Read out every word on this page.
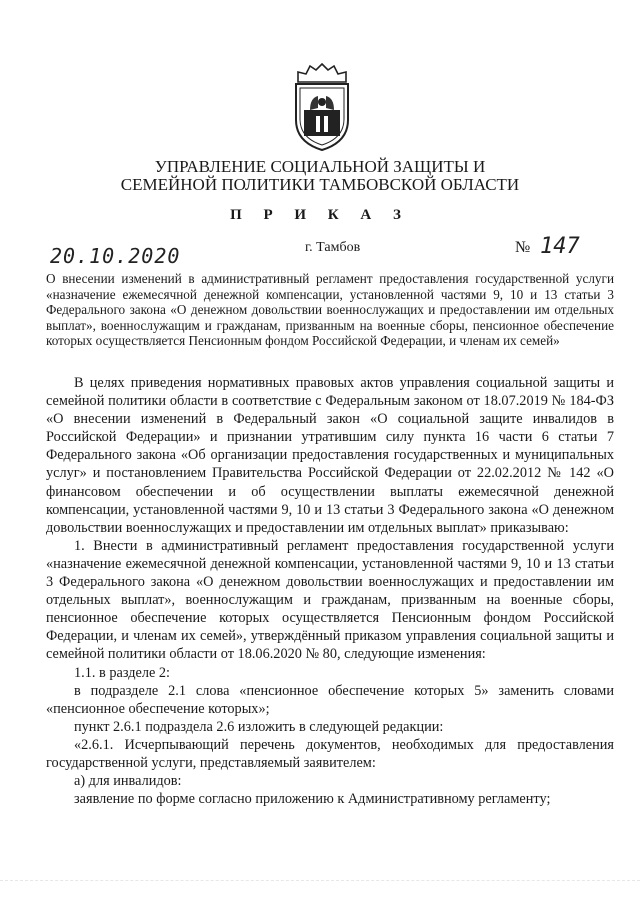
УПРАВЛЕНИЕ СОЦИАЛЬНОЙ ЗАЩИТЫ И
СЕМЕЙНОЙ ПОЛИТИКИ ТАМБОВСКОЙ ОБЛАСТИ
П Р И К А З
20.10.2020	г. Тамбов	№ 147
О внесении изменений в административный регламент предоставления государственной услуги «назначение ежемесячной денежной компенсации, установленной частями 9, 10 и 13 статьи 3 Федерального закона «О денежном довольствии военнослужащих и предоставлении им отдельных выплат», военнослужащим и гражданам, призванным на военные сборы, пенсионное обеспечение которых осуществляется Пенсионным фондом Российской Федерации, и членам их семей»

В целях приведения нормативных правовых актов управления социальной защиты и семейной политики области в соответствие с Федеральным законом от 18.07.2019 № 184-ФЗ «О внесении изменений в Федеральный закон «О социальной защите инвалидов в Российской Федерации» и признании утратившим силу пункта 16 части 6 статьи 7 Федерального закона «Об организации предоставления государственных и муниципальных услуг» и постановлением Правительства Российской Федерации от 22.02.2012 № 142 «О финансовом обеспечении и об осуществлении выплаты ежемесячной денежной компенсации, установленной частями 9, 10 и 13 статьи 3 Федерального закона «О денежном довольствии военнослужащих и предоставлении им отдельных выплат» приказываю:

1. Внести в административный регламент предоставления государственной услуги «назначение ежемесячной денежной компенсации, установленной частями 9, 10 и 13 статьи 3 Федерального закона «О денежном довольствии военнослужащих и предоставлении им отдельных выплат», военнослужащим и гражданам, призванным на военные сборы, пенсионное обеспечение которых осуществляется Пенсионным фондом Российской Федерации, и членам их семей», утверждённый приказом управления социальной защиты и семейной политики области от 18.06.2020 № 80, следующие изменения:

1.1. в разделе 2:

в подразделе 2.1 слова «пенсионное обеспечение которых 5» заменить словами «пенсионное обеспечение которых»;

пункт 2.6.1 подраздела 2.6 изложить в следующей редакции:

«2.6.1. Исчерпывающий перечень документов, необходимых для предоставления государственной услуги, представляемый заявителем:

а) для инвалидов:

заявление по форме согласно приложению к Административному регламенту;
